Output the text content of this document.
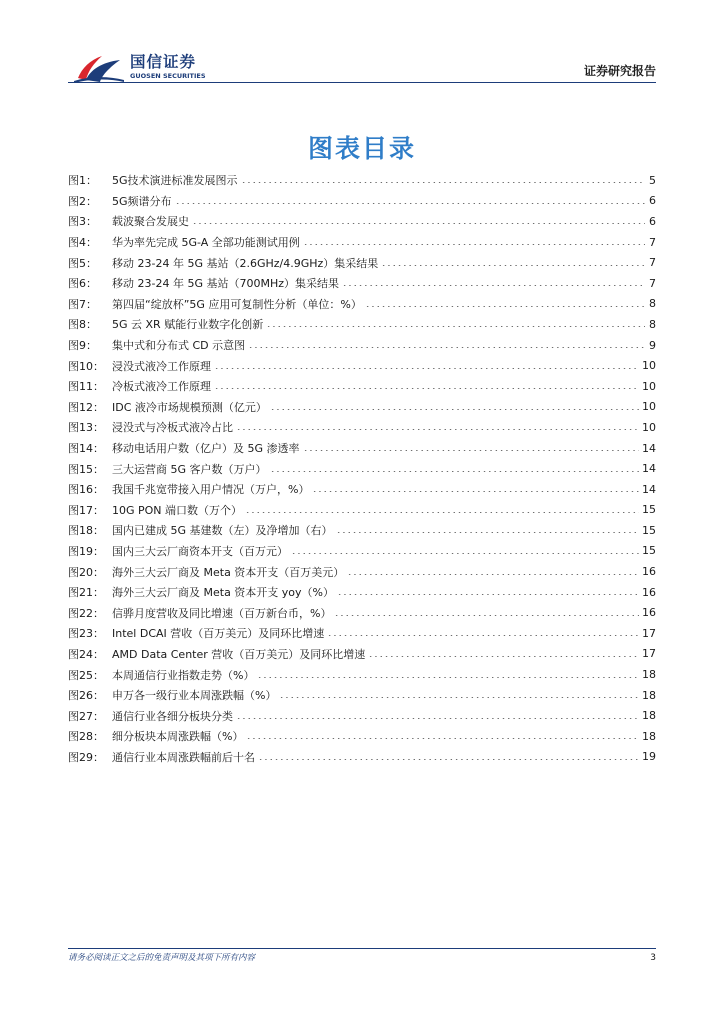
国信证券
GUOSEN SECURITIES	证券研究报告
图表目录
图1：	5G技术演进标准发展图示	5
图2：	5G频谱分布	6
图3：	载波聚合发展史	6
图4：	华为率先完成 5G-A 全部功能测试用例	7
图5：	移动 23-24 年 5G 基站（2.6GHz/4.9GHz）集采结果	7
图6：	移动 23-24 年 5G 基站（700MHz）集采结果	7
图7：	第四届“绽放杯”5G 应用可复制性分析（单位：%）	8
图8：	5G 云 XR 赋能行业数字化创新	8
图9：	集中式和分布式 CD 示意图	9
图10： 浸没式液冷工作原理	10
图11： 冷板式液冷工作原理	10
图12： IDC 液冷市场规模预测（亿元）	10
图13： 浸没式与冷板式液冷占比	10
图14： 移动电话用户数（亿户）及 5G 渗透率	14
图15： 三大运营商 5G 客户数（万户）	14
图16： 我国千兆宽带接入用户情况（万户，%）	14
图17： 10G PON 端口数（万个）	15
图18： 国内已建成 5G 基建数（左）及净增加（右）	15
图19： 国内三大云厂商资本开支（百万元）	15
图20： 海外三大云厂商及 Meta 资本开支（百万美元）	16
图21： 海外三大云厂商及 Meta 资本开支 yoy（%）	16
图22： 信骅月度营收及同比增速（百万新台币，%）	16
图23： Intel DCAI 营收（百万美元）及同环比增速	17
图24： AMD Data Center 营收（百万美元）及同环比增速	17
图25： 本周通信行业指数走势（%）	18
图26： 申万各一级行业本周涨跌幅（%）	18
图27： 通信行业各细分板块分类	18
图28： 细分板块本周涨跌幅（%）	18
图29： 通信行业本周涨跌幅前后十名	19
请务必阅读正文之后的免责声明及其项下所有内容	3
